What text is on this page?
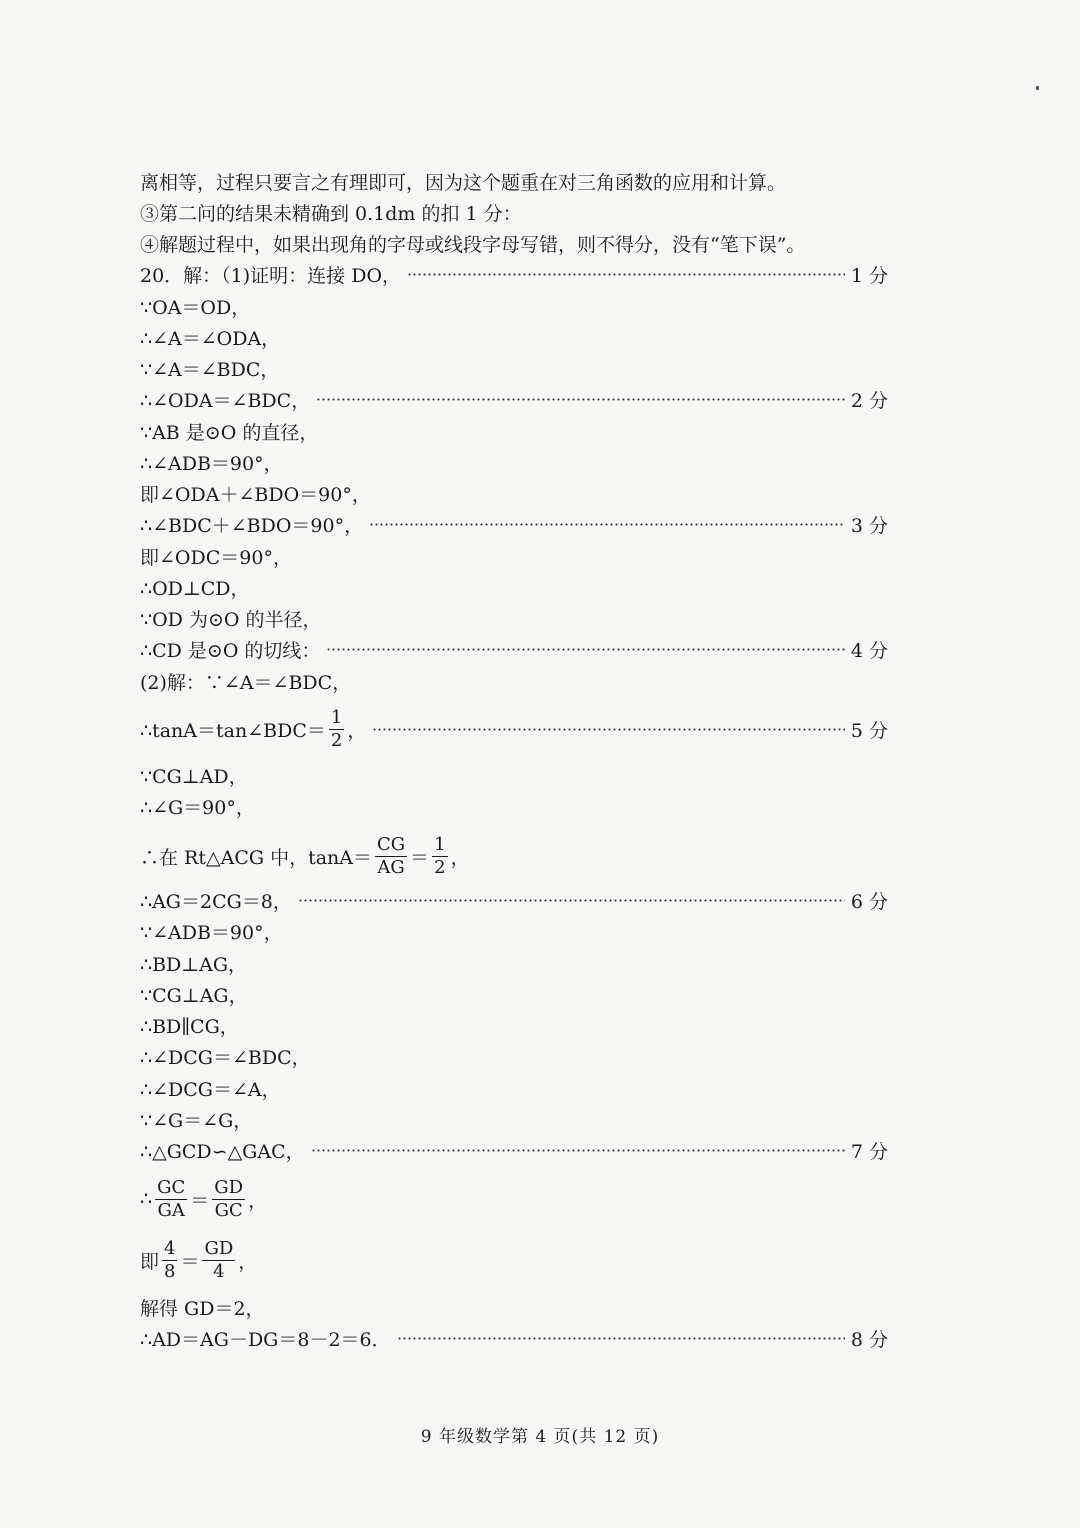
离相等，过程只要言之有理即可，因为这个题重在对三角函数的应用和计算。
③第二问的结果未精确到 0.1dm 的扣 1 分：
④解题过程中，如果出现角的字母或线段字母写错，则不得分，没有“笔下误”。
20．解：（1)证明：连接 DO，	1 分
∵OA＝OD，
∴∠A＝∠ODA，
∵∠A＝∠BDC，
∴∠ODA＝∠BDC，	2 分
∵AB 是⊙O 的直径，
∴∠ADB＝90°，
即∠ODA＋∠BDO＝90°，
∴∠BDC＋∠BDO＝90°，	3 分
即∠ODC＝90°，
∴OD⊥CD，
∵OD 为⊙O 的半径，
∴CD 是⊙O 的切线：	4 分
(2)解：∵∠A＝∠BDC，
∴tanA＝tan∠BDC＝ $\frac{1}{2}$ ，	5 分
∵CG⊥AD，
∴∠G＝90°，
∴在 Rt△ACG 中，$\tan A= \frac{CG}{AG} = \frac{1}{2}$ ，
∴AG＝2CG＝8，	6 分
∵∠ADB＝90°，
∴BD⊥AG，
∵CG⊥AG，
∴BD∥CG，
∴∠DCG＝∠BDC，
∴∠DCG＝∠A，
∵∠G＝∠G，
∴△GCD∽△GAC，	7 分
∴ $\frac{GC}{GA} = \frac{GD}{GC}$ ，
即 $\frac{4}{8} = \frac{GD}{4}$ ，
解得 GD＝2，
∴AD＝AG－DG＝8－2＝6．	8 分
9 年级数学第 4 页(共 12 页)
